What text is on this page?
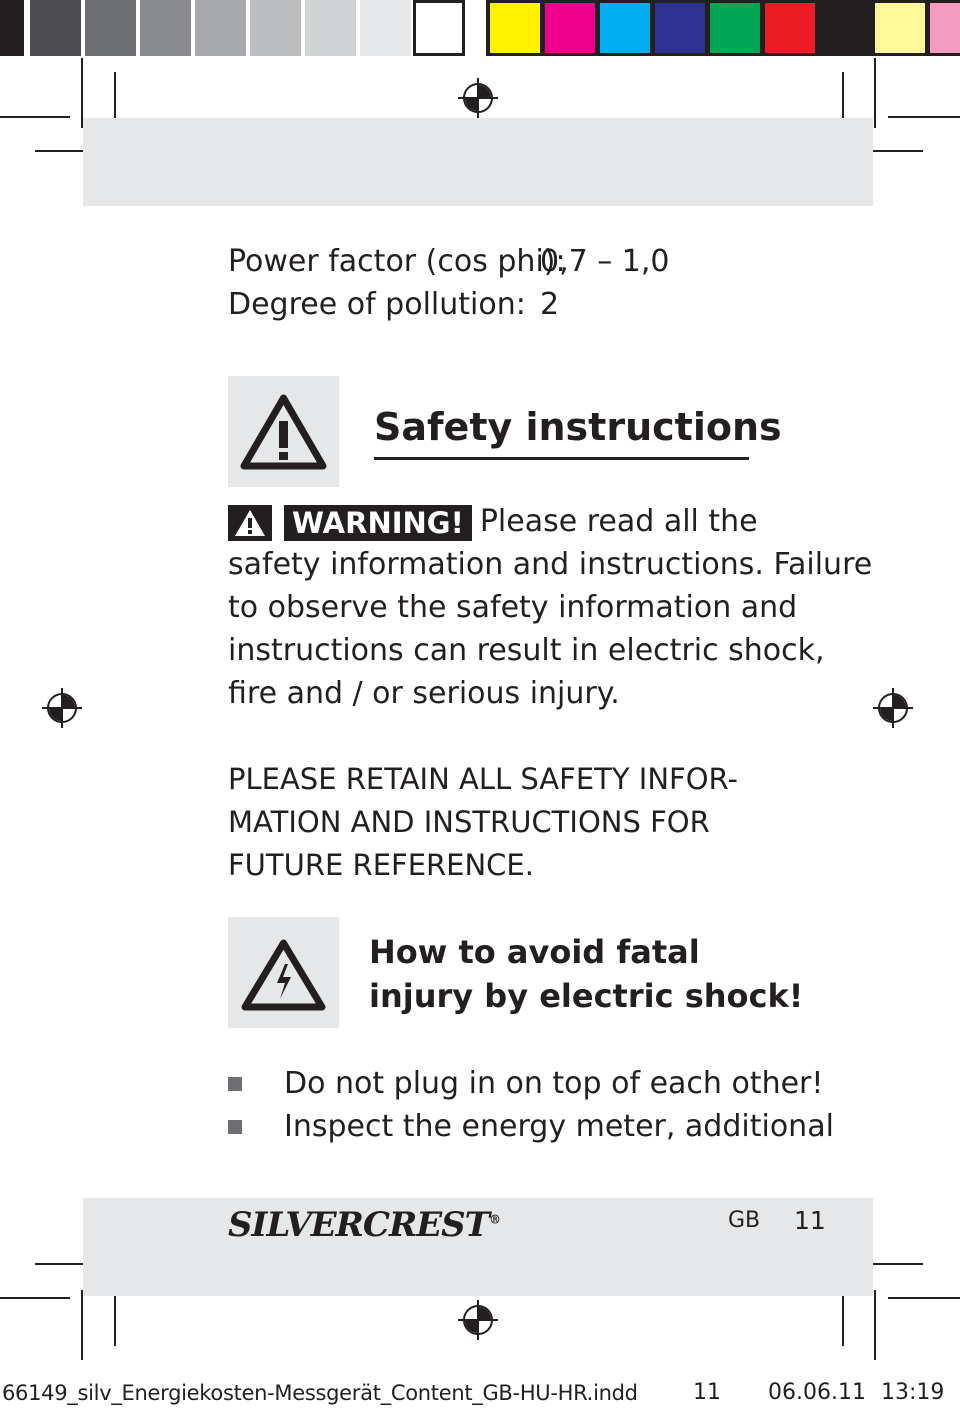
Power factor (cos phi):
0,7 – 1,0
Degree of pollution: 2
Safety instructions
WARNING! Please read all the
safety information and instructions. Failure
to observe the safety information and
instructions can result in electric shock,
fire and / or serious injury.
PLEASE RETAIN ALL SAFETY INFOR-
MATION AND INSTRUCTIONS FOR
FUTURE REFERENCE.
How to avoid fatal
injury by electric shock!
Do not plug in on top of each other!
Inspect the energy meter, additional
SILVERCREST®	GB 11
66149_silv_Energiekosten-Messgerät_Content_GB-HU-HR.indd	11 06.06.11 13:19
